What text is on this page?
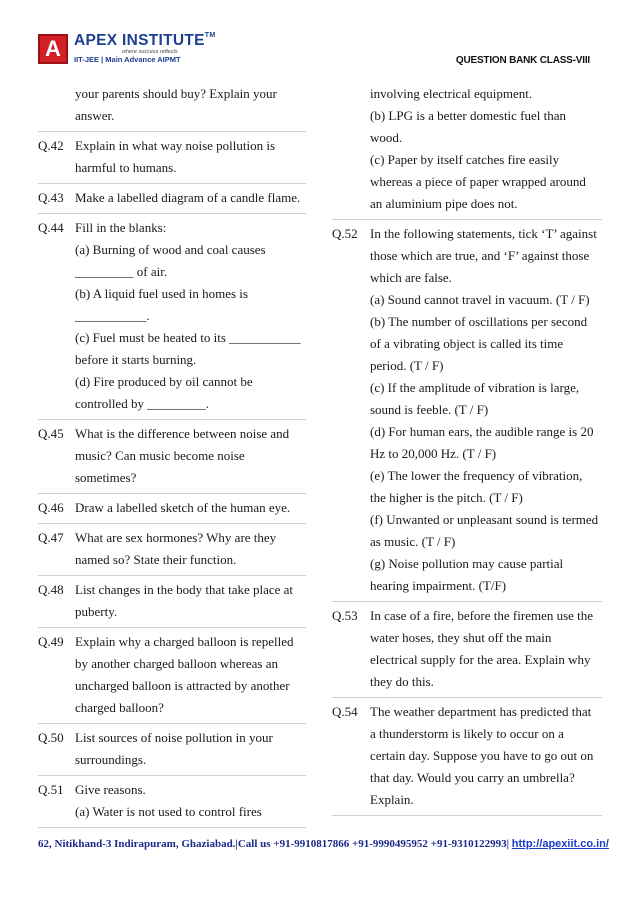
A APEX INSTITUTE™
where success reflects
IIT-JEE | Main Advance AIPMT	QUESTION BANK CLASS-VIII
your parents should buy? Explain your
answer.
Q.42 Explain in what way noise pollution is
harmful to humans.
Q.43 Make a labelled diagram of a candle flame.
Q.44 Fill in the blanks:
(a) Burning of wood and coal causes
_________ of air.
(b) A liquid fuel used in homes is
___________.
(c) Fuel must be heated to its ___________
before it starts burning.
(d) Fire produced by oil cannot be
controlled by _________.
Q.45 What is the difference between noise and
music? Can music become noise
sometimes?
Q.46 Draw a labelled sketch of the human eye.
Q.47 What are sex hormones? Why are they
named so? State their function.
Q.48 List changes in the body that take place at
puberty.
Q.49 Explain why a charged balloon is repelled
by another charged balloon whereas an
uncharged balloon is attracted by another
charged balloon?
Q.50 List sources of noise pollution in your
surroundings.
Q.51 Give reasons.
(a) Water is not used to control fires
involving electrical equipment.
(b) LPG is a better domestic fuel than
wood.
(c) Paper by itself catches fire easily
whereas a piece of paper wrapped around
an aluminium pipe does not.
Q.52 In the following statements, tick ‘T’ against
those which are true, and ‘F’ against those
which are false.
(a) Sound cannot travel in vacuum. (T / F)
(b) The number of oscillations per second
of a vibrating object is called its time
period. (T / F)
(c) If the amplitude of vibration is large,
sound is feeble. (T / F)
(d) For human ears, the audible range is 20
Hz to 20,000 Hz. (T / F)
(e) The lower the frequency of vibration,
the higher is the pitch. (T / F)
(f) Unwanted or unpleasant sound is termed
as music. (T / F)
(g) Noise pollution may cause partial
hearing impairment. (T/F)
Q.53 In case of a fire, before the firemen use the
water hoses, they shut off the main
electrical supply for the area. Explain why
they do this.
Q.54 The weather department has predicted that
a thunderstorm is likely to occur on a
certain day. Suppose you have to go out on
that day. Would you carry an umbrella?
Explain.
62, Nitikhand-3 Indirapuram, Ghaziabad.|Call us +91-9910817866 +91-9990495952 +91-9310122993| http://apexiit.co.in/
